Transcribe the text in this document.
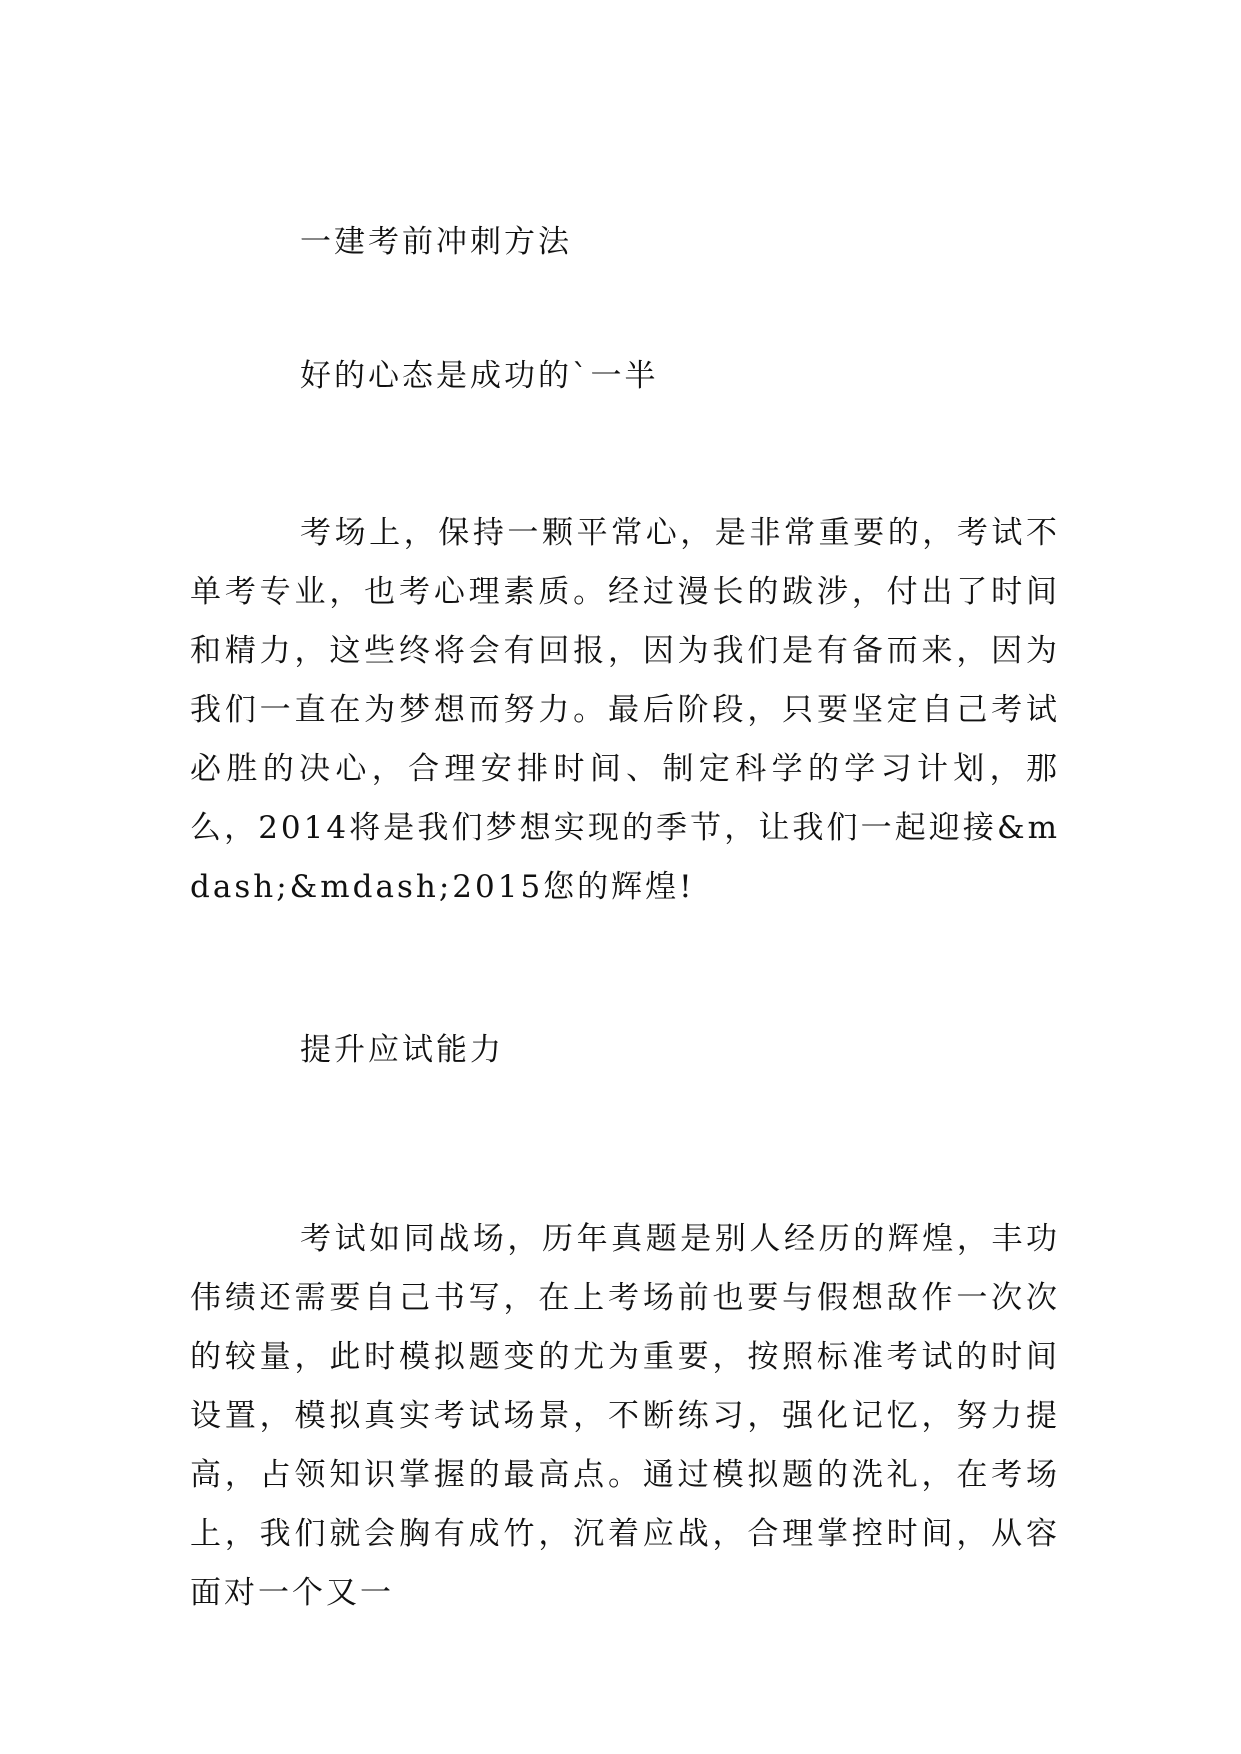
一建考前冲刺方法
好的心态是成功的`一半
考场上，保持一颗平常心，是非常重要的，考试不单考专业，也考心理素质。经过漫长的跋涉，付出了时间和精力，这些终将会有回报，因为我们是有备而来，因为我们一直在为梦想而努力。最后阶段，只要坚定自己考试必胜的决心，合理安排时间、制定科学的学习计划，那么，2014将是我们梦想实现的季节，让我们一起迎接&mdash;&mdash;2015您的辉煌!
提升应试能力
考试如同战场，历年真题是别人经历的辉煌，丰功伟绩还需要自己书写，在上考场前也要与假想敌作一次次的较量，此时模拟题变的尤为重要，按照标准考试的时间设置，模拟真实考试场景，不断练习，强化记忆，努力提高，占领知识掌握的最高点。通过模拟题的洗礼，在考场上，我们就会胸有成竹，沉着应战，合理掌控时间，从容面对一个又一
